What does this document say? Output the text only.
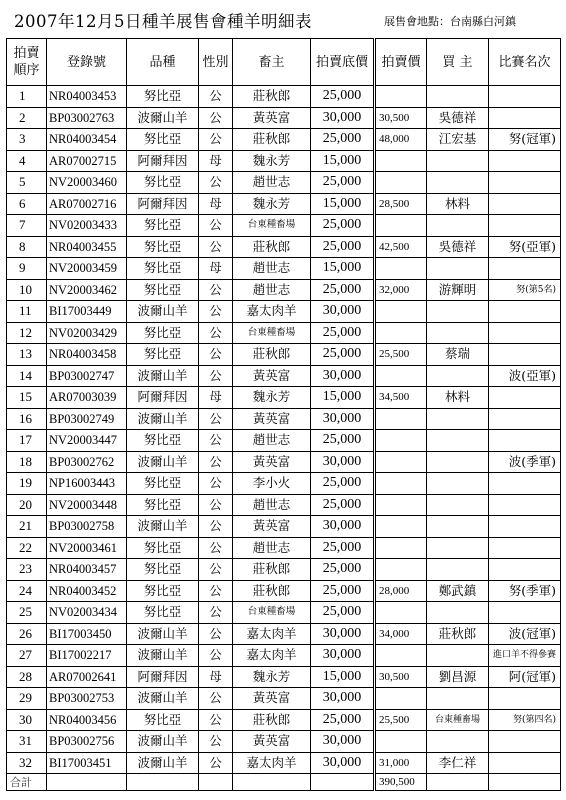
2007年12月5日種羊展售會種羊明細表	展售會地點：台南縣白河鎮
拍賣
順序	登錄號	品種	性別	畜主	拍賣底價	拍賣價	買 主	比賽名次
1	NR04003453	努比亞	公	莊秋郎	25,000			
2	BP03002763	波爾山羊	公	黃英富	30,000	30,500	吳德祥	
3	NR04003454	努比亞	公	莊秋郎	25,000	48,000	江宏基	努(冠軍)
4	AR07002715	阿爾拜因	母	魏永芳	15,000			
5	NV20003460	努比亞	公	趙世志	25,000			
6	AR07002716	阿爾拜因	母	魏永芳	15,000	28,500	林料	
7	NV02003433	努比亞	公	台東種畜場	25,000			
8	NR04003455	努比亞	公	莊秋郎	25,000	42,500	吳德祥	努(亞軍)
9	NV20003459	努比亞	母	趙世志	15,000			
10	NV20003462	努比亞	公	趙世志	25,000	32,000	游輝明	努(第5名)
11	BI17003449	波爾山羊	公	嘉太肉羊	30,000			
12	NV02003429	努比亞	公	台東種畜場	25,000			
13	NR04003458	努比亞	公	莊秋郎	25,000	25,500	蔡瑞	
14	BP03002747	波爾山羊	公	黃英富	30,000			波(亞軍)
15	AR07003039	阿爾拜因	母	魏永芳	15,000	34,500	林料	
16	BP03002749	波爾山羊	公	黃英富	30,000			
17	NV20003447	努比亞	公	趙世志	25,000			
18	BP03002762	波爾山羊	公	黃英富	30,000			波(季軍)
19	NP16003443	努比亞	公	李小火	25,000			
20	NV20003448	努比亞	公	趙世志	25,000			
21	BP03002758	波爾山羊	公	黃英富	30,000			
22	NV20003461	努比亞	公	趙世志	25,000			
23	NR04003457	努比亞	公	莊秋郎	25,000			
24	NR04003452	努比亞	公	莊秋郎	25,000	28,000	鄭武鎮	努(季軍)
25	NV02003434	努比亞	公	台東種畜場	25,000			
26	BI17003450	波爾山羊	公	嘉太肉羊	30,000	34,000	莊秋郎	波(冠軍)
27	BI17002217	波爾山羊	公	嘉太肉羊	30,000			進口羊不得參賽
28	AR07002641	阿爾拜因	母	魏永芳	15,000	30,500	劉昌源	阿(冠軍)
29	BP03002753	波爾山羊	公	黃英富	30,000			
30	NR04003456	努比亞	公	莊秋郎	25,000	25,500	台東種畜場	努(第四名)
31	BP03002756	波爾山羊	公	黃英富	30,000			
32	BI17003451	波爾山羊	公	嘉太肉羊	30,000	31,000	李仁祥	
合計						390,500		
